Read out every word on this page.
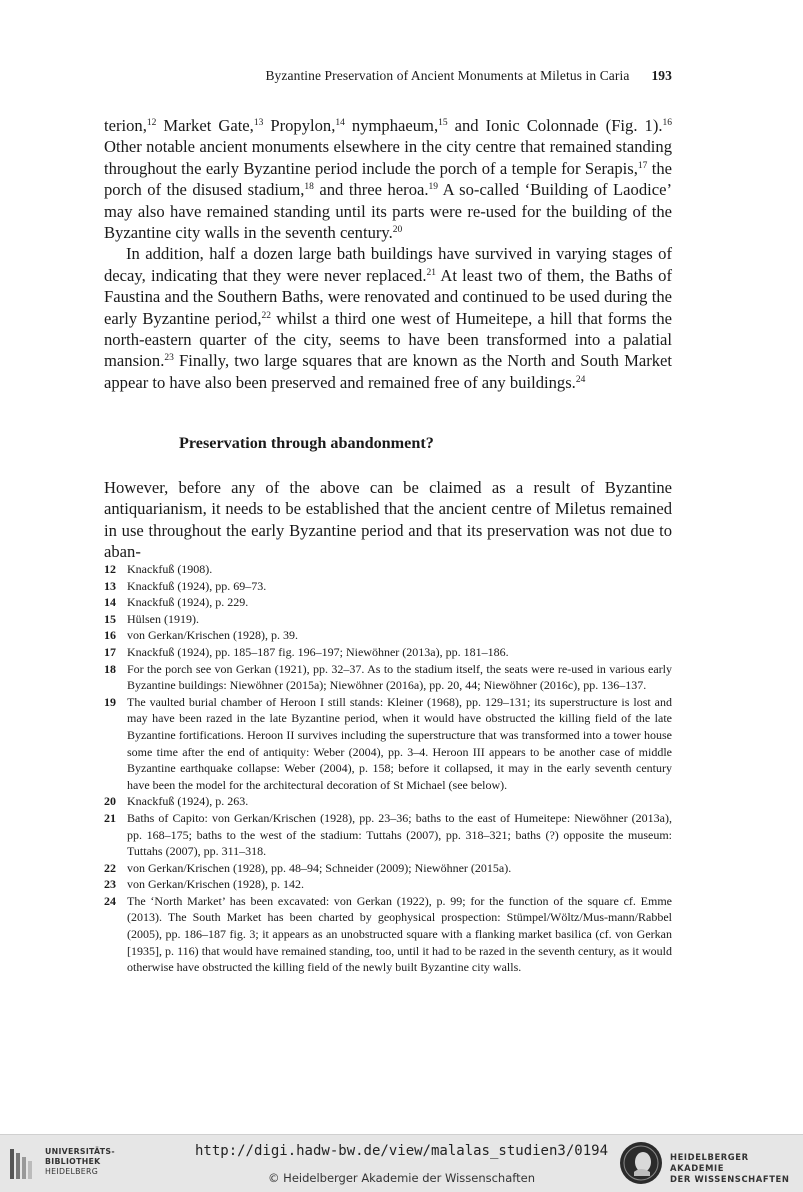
Byzantine Preservation of Ancient Monuments at Miletus in Caria 193

terion,$^{12}$ Market Gate,$^{13}$ Propylon,$^{14}$ nymphaeum,$^{15}$ and Ionic Colonnade (Fig. 1).$^{16}$ Other notable ancient monuments elsewhere in the city centre that remained standing throughout the early Byzantine period include the porch of a temple for Serapis,$^{17}$ the porch of the disused stadium,$^{18}$ and three heroa.$^{19}$ A so-called ‘Building of Laodice’ may also have remained standing until its parts were re-used for the building of the Byzantine city walls in the seventh century.$^{20}$

In addition, half a dozen large bath buildings have survived in varying stages of decay, indicating that they were never replaced.$^{21}$ At least two of them, the Baths of Faustina and the Southern Baths, were renovated and continued to be used during the early Byzantine period,$^{22}$ whilst a third one west of Humeitepe, a hill that forms the north-eastern quarter of the city, seems to have been transformed into a palatial mansion.$^{23}$ Finally, two large squares that are known as the North and South Market appear to have also been preserved and remained free of any buildings.$^{24}$

Preservation through abandonment?

However, before any of the above can be claimed as a result of Byzantine antiquarianism, it needs to be established that the ancient centre of Miletus remained in use throughout the early Byzantine period and that its preservation was not due to aban-

12 Knackfuß (1908).
13 Knackfuß (1924), pp. 69–73.
14 Knackfuß (1924), p. 229.
15 Hülsen (1919).
16 von Gerkan/Krischen (1928), p. 39.
17 Knackfuß (1924), pp. 185–187 fig. 196–197; Niewöhner (2013a), pp. 181–186.
18 For the porch see von Gerkan (1921), pp. 32–37. As to the stadium itself, the seats were re-used in various early Byzantine buildings: Niewöhner (2015a); Niewöhner (2016a), pp. 20, 44; Niewöhner (2016c), pp. 136–137.
19 The vaulted burial chamber of Heroon I still stands: Kleiner (1968), pp. 129–131; its superstructure is lost and may have been razed in the late Byzantine period, when it would have obstructed the killing field of the late Byzantine fortifications. Heroon II survives including the superstructure that was transformed into a tower house some time after the end of antiquity: Weber (2004), pp. 3–4. Heroon III appears to be another case of middle Byzantine earthquake collapse: Weber (2004), p. 158; before it collapsed, it may in the early seventh century have been the model for the architectural decoration of St Michael (see below).
20 Knackfuß (1924), p. 263.
21 Baths of Capito: von Gerkan/Krischen (1928), pp. 23–36; baths to the east of Humeitepe: Niewöhner (2013a), pp. 168–175; baths to the west of the stadium: Tuttahs (2007), pp. 318–321; baths (?) opposite the museum: Tuttahs (2007), pp. 311–318.
22 von Gerkan/Krischen (1928), pp. 48–94; Schneider (2009); Niewöhner (2015a).
23 von Gerkan/Krischen (1928), p. 142.
24 The ‘North Market’ has been excavated: von Gerkan (1922), p. 99; for the function of the square cf. Emme (2013). The South Market has been charted by geophysical prospection: Stümpel/Wöltz/Mus-mann/Rabbel (2005), pp. 186–187 fig. 3; it appears as an unobstructed square with a flanking market basilica (cf. von Gerkan [1935], p. 116) that would have remained standing, too, until it had to be razed in the seventh century, as it would otherwise have obstructed the killing field of the newly built Byzantine city walls.
UNIVERSITÄTS-
BIBLIOTHEK
HEIDELBERG
http://digi.hadw-bw.de/view/malalas_studien3/0194
© Heidelberger Akademie der Wissenschaften
HEIDELBERGER AKADEMIE
DER WISSENSCHAFTEN
